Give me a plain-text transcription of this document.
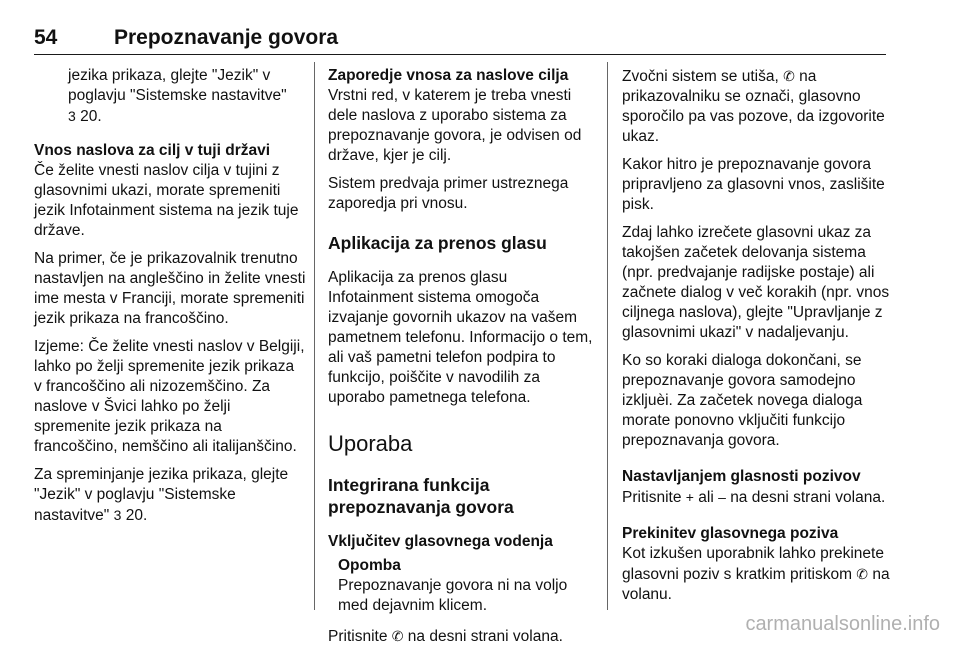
54	Prepoznavanje govora

jezika prikaza, glejte "Jezik" v poglavju "Sistemske nastavitve"
3 20.

Vnos naslova za cilj v tuji državi

Če želite vnesti naslov cilja v tujini z glasovnimi ukazi, morate spremeniti jezik Infotainment sistema na jezik tuje države.

Na primer, če je prikazovalnik trenutno nastavljen na angleščino in želite vnesti ime mesta v Franciji, morate spremeniti jezik prikaza na francoščino.

Izjeme: Če želite vnesti naslov v Belgiji, lahko po želji spremenite jezik prikaza v francoščino ali nizozemščino. Za naslove v Švici lahko po želji spremenite jezik prikaza na francoščino, nemščino ali italijanščino.

Za spreminjanje jezika prikaza, glejte "Jezik" v poglavju "Sistemske nastavitve" 3 20.

Zaporedje vnosa za naslove cilja

Vrstni red, v katerem je treba vnesti dele naslova z uporabo sistema za prepoznavanje govora, je odvisen od države, kjer je cilj.

Sistem predvaja primer ustreznega zaporedja pri vnosu.

Aplikacija za prenos glasu

Aplikacija za prenos glasu Infotainment sistema omogoča izvajanje govornih ukazov na vašem pametnem telefonu. Informacijo o tem, ali vaš pametni telefon podpira to funkcijo, poiščite v navodilih za uporabo pametnega telefona.

Uporaba
Integrirana funkcija prepoznavanja govora

Vključitev glasovnega vodenja

Opomba
Prepoznavanje govora ni na voljo med dejavnim klicem.

Pritisnite ✆ na desni strani volana.

Zvočni sistem se utiša, ✆ na prikazovalniku se označi, glasovno sporočilo pa vas pozove, da izgovorite ukaz.

Kakor hitro je prepoznavanje govora pripravljeno za glasovni vnos, zaslišite pisk.

Zdaj lahko izrečete glasovni ukaz za takojšen začetek delovanja sistema (npr. predvajanje radijske postaje) ali začnete dialog v več korakih (npr. vnos ciljnega naslova), glejte "Upravljanje z glasovnimi ukazi" v nadaljevanju.

Ko so koraki dialoga dokončani, se prepoznavanje govora samodejno izkljuèi. Za začetek novega dialoga morate ponovno vključiti funkcijo prepoznavanja govora.

Nastavljanjem glasnosti pozivov

Pritisnite + ali – na desni strani volana.

Prekinitev glasovnega poziva

Kot izkušen uporabnik lahko prekinete glasovni poziv s kratkim pritiskom ✆ na volanu.

carmanualsonline.info
